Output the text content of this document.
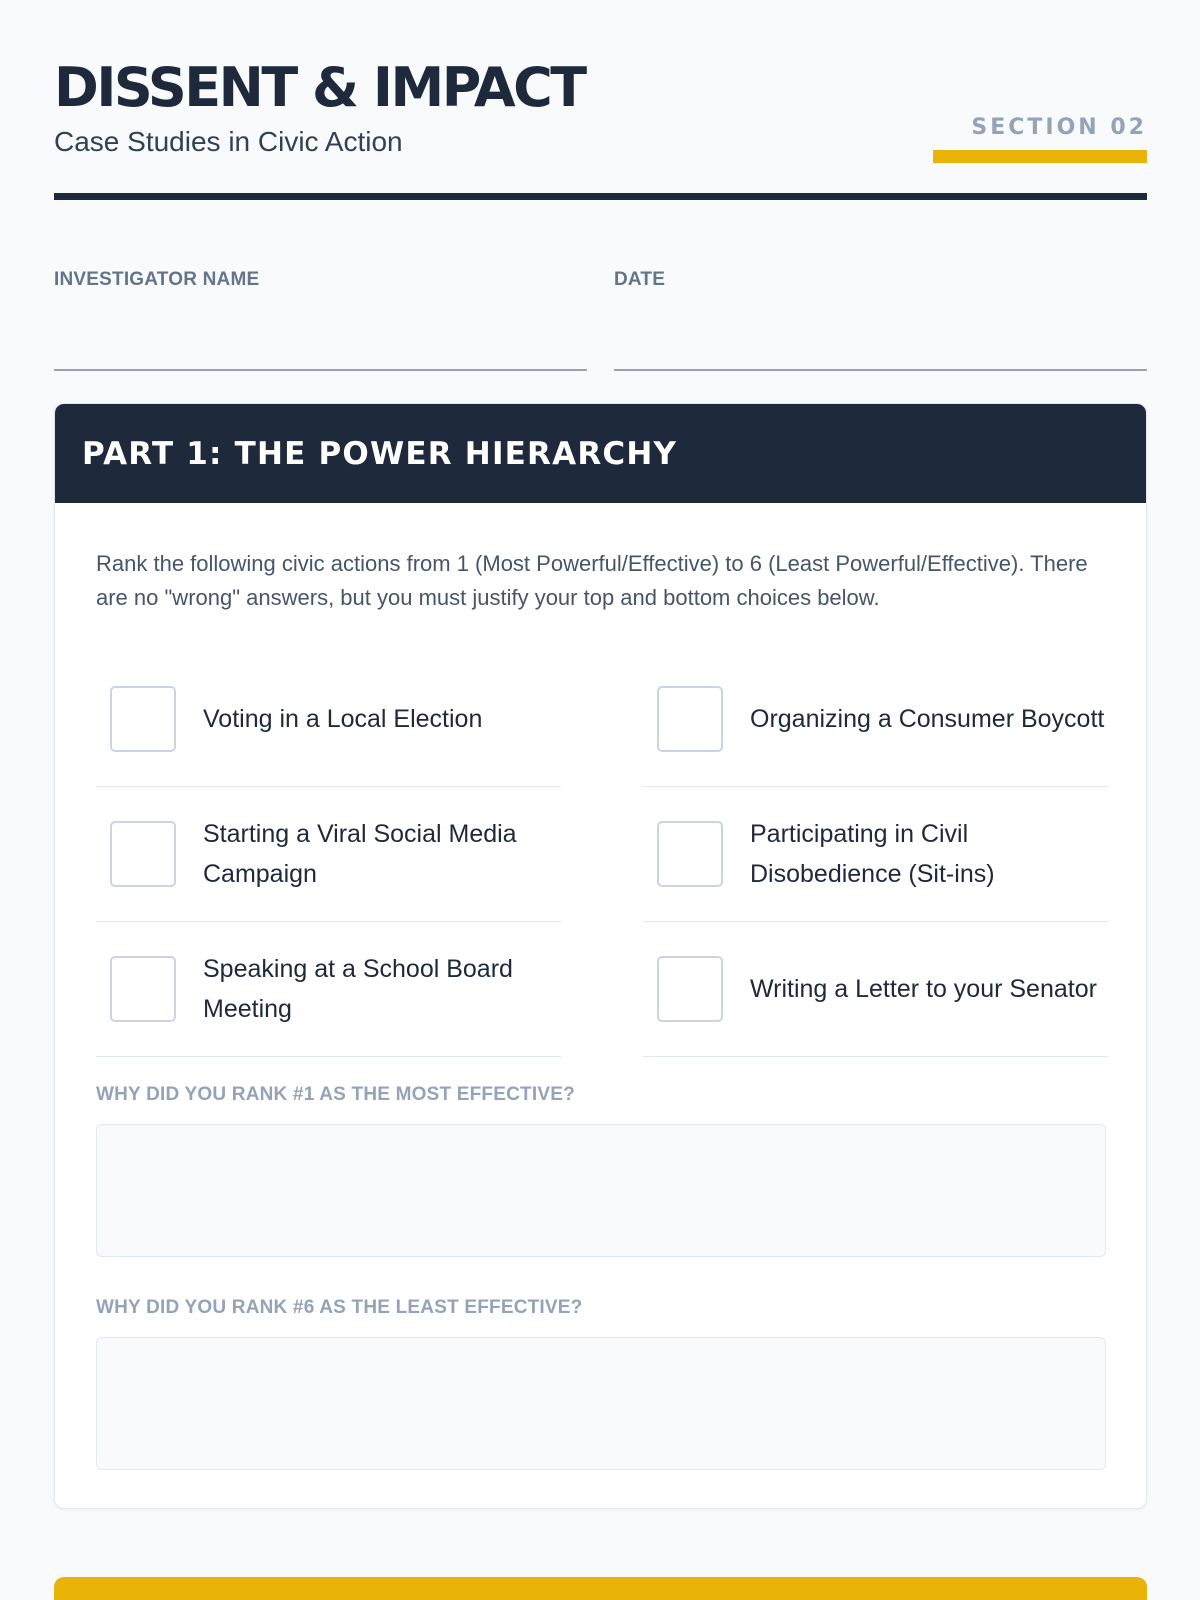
DISSENT & IMPACT
Case Studies in Civic Action	SECTION 02
INVESTIGATOR NAME	DATE
PART 1: THE POWER HIERARCHY

Rank the following civic actions from 1 (Most Powerful/Effective) to 6 (Least Powerful/Effective). There are no "wrong" answers, but you must justify your top and bottom choices below.

Voting in a Local Election	Organizing a Consumer Boycott
Starting a Viral Social Media Campaign
Participating in Civil Disobedience (Sit-ins)
Speaking at a School Board Meeting
Writing a Letter to your Senator
WHY DID YOU RANK #1 AS THE MOST EFFECTIVE?
WHY DID YOU RANK #6 AS THE LEAST EFFECTIVE?
